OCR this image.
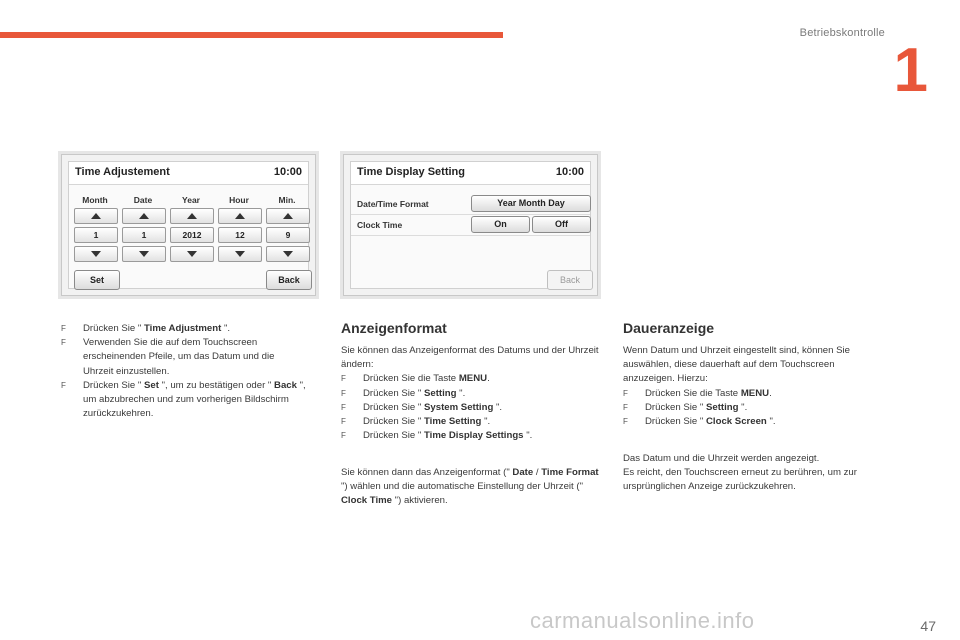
Betriebskontrolle
1
Time Adjustement	10:00
Month	Date	Year	Hour	Min.
1	1	2012	12	9
Set	Back
Time Display Setting	10:00
Date/Time Format	Year Month Day
Clock Time	On	Off
Back
F Drücken Sie " Time Adjustment ".
F Verwenden Sie die auf dem Touchscreen erscheinenden Pfeile, um das Datum und die Uhrzeit einzustellen.
F Drücken Sie " Set ", um zu bestätigen oder " Back ", um abzubrechen und zum vorherigen Bildschirm zurückzukehren.
Anzeigenformat

Sie können das Anzeigenformat des Datums und der Uhrzeit ändern:

F Drücken Sie die Taste MENU.
F Drücken Sie " Setting ".
F Drücken Sie " System Setting ".
F Drücken Sie " Time Setting ".
F Drücken Sie " Time Display Settings ".

Sie können dann das Anzeigenformat (" Date / Time Format ") wählen und die automatische Einstellung der Uhrzeit (" Clock Time ") aktivieren.

Daueranzeige

Wenn Datum und Uhrzeit eingestellt sind, können Sie auswählen, diese dauerhaft auf dem Touchscreen anzuzeigen. Hierzu:

F Drücken Sie die Taste MENU.
F Drücken Sie " Setting ".
F Drücken Sie " Clock Screen ".

Das Datum und die Uhrzeit werden angezeigt.

Es reicht, den Touchscreen erneut zu berühren, um zur ursprünglichen Anzeige zurückzukehren.

carmanualsonline.info	47
